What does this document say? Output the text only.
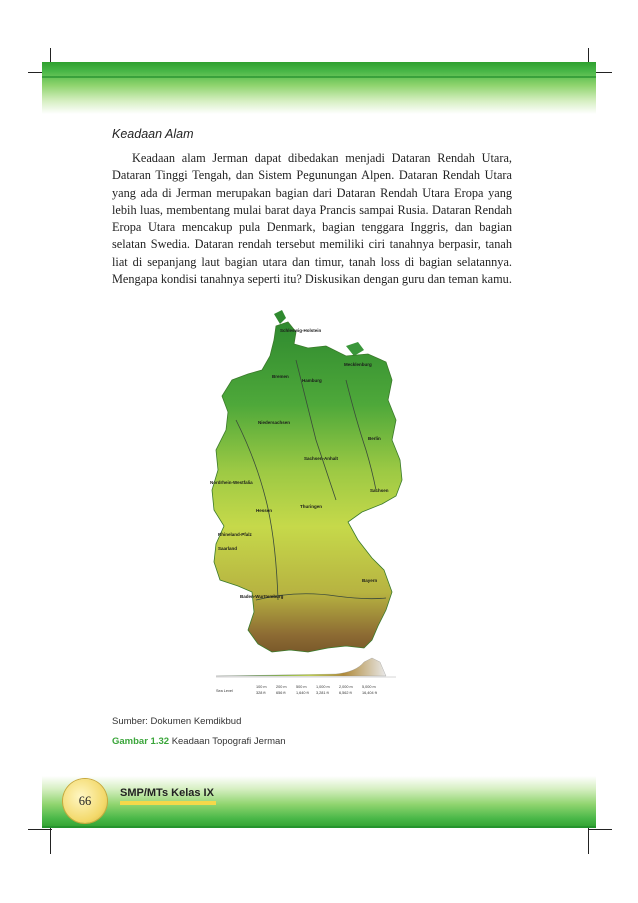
Keadaan Alam
Keadaan alam Jerman dapat dibedakan menjadi Dataran Rendah Utara, Dataran Tinggi Tengah, dan Sistem Pegunungan Alpen. Dataran Rendah Utara yang ada di Jerman merupakan bagian dari Dataran Rendah Utara Eropa yang lebih luas, membentang mulai barat daya Prancis sampai Rusia. Dataran Rendah Eropa Utara mencakup pula Denmark, bagian tenggara Inggris, dan bagian selatan Swedia. Dataran rendah tersebut memiliki ciri tanahnya berpasir, tanah liat di sepanjang laut bagian utara dan timur, tanah loss di bagian selatannya. Mengapa kondisi tanahnya seperti itu? Diskusikan dengan guru dan teman kamu.
Schleswig-Holstein
Mecklenburg
Bremen
Hamburg
Niedersachsen
Berlin
Sachsen-Anhalt
Nordrhein-Westfalia
Sachsen
Hessen
Thuringen
Rhineland-Pfalz
Saarland
Bayern
Baden-Wurttemburg
Sea Level
100 m
328 ft
200 m
656 ft
500 m
1,640 ft
1,000 m
3,281 ft
2,000 m
6,562 ft
5,000 m
16,404 ft
Sumber: Dokumen Kemdikbud
Gambar 1.32 Keadaan Topografi Jerman
66
SMP/MTs Kelas IX
